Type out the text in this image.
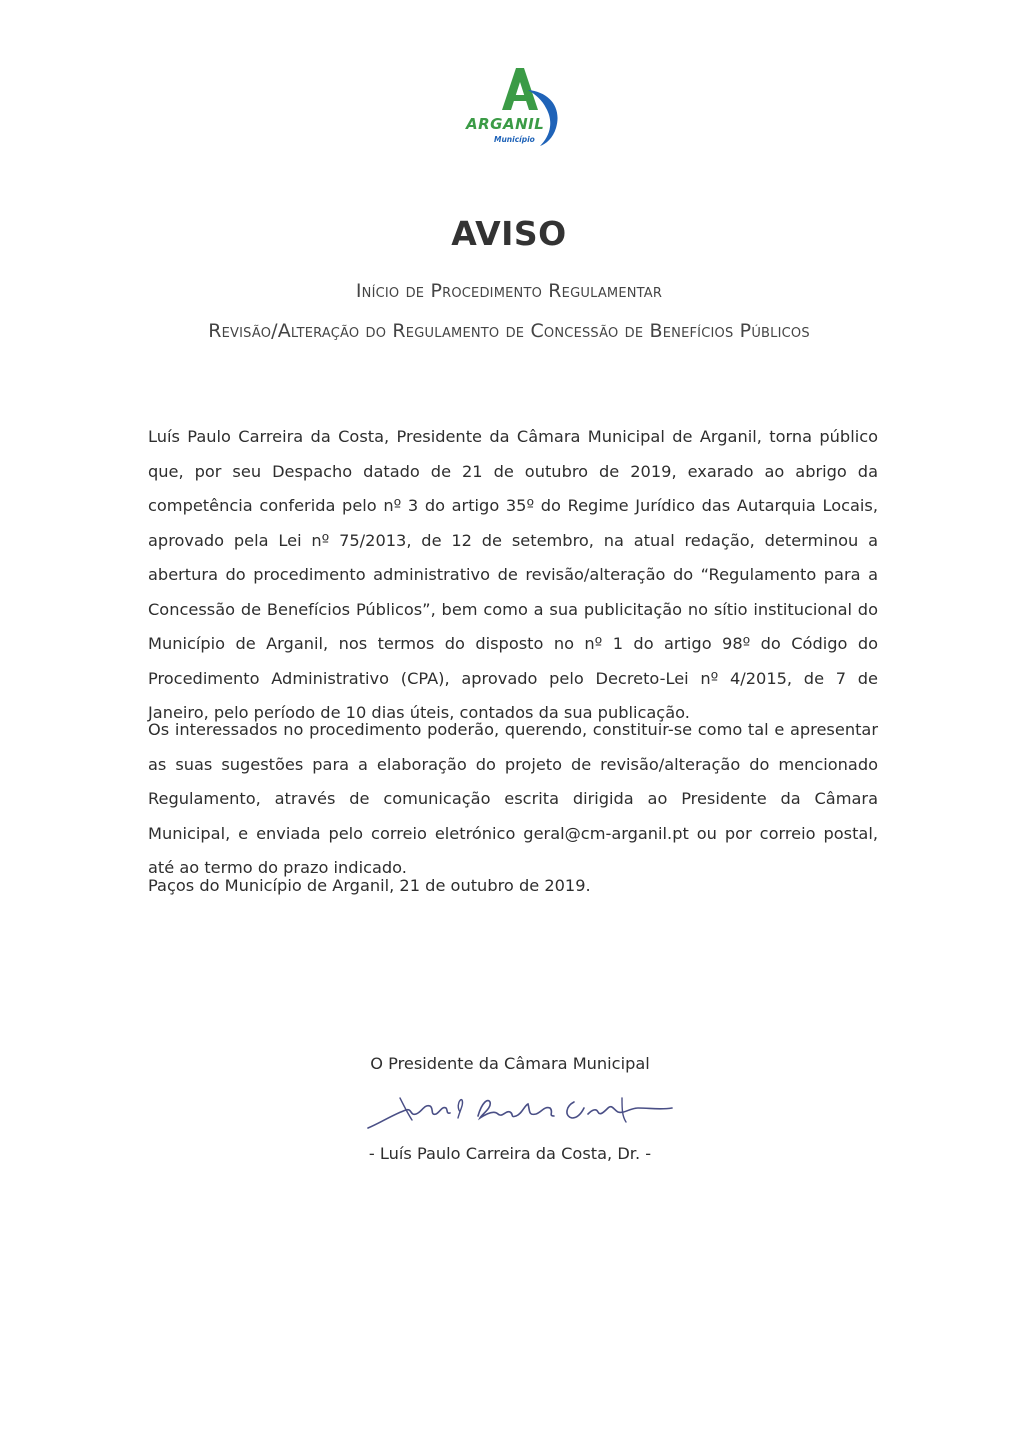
ARGANIL
Município
AVISO
Início de Procedimento Regulamentar
Revisão/Alteração do Regulamento de Concessão de Benefícios Públicos

Luís Paulo Carreira da Costa, Presidente da Câmara Municipal de Arganil, torna público que, por seu Despacho datado de 21 de outubro de 2019, exarado ao abrigo da competência conferida pelo nº 3 do artigo 35º do Regime Jurídico das Autarquia Locais, aprovado pela Lei nº 75/2013, de 12 de setembro, na atual redação, determinou a abertura do procedimento administrativo de revisão/alteração do “Regulamento para a Concessão de Benefícios Públicos”, bem como a sua publicitação no sítio institucional do Município de Arganil, nos termos do disposto no nº 1 do artigo 98º do Código do Procedimento Administrativo (CPA), aprovado pelo Decreto-Lei nº 4/2015, de 7 de Janeiro, pelo período de 10 dias úteis, contados da sua publicação.

Os interessados no procedimento poderão, querendo, constituir-se como tal e apresentar as suas sugestões para a elaboração do projeto de revisão/alteração do mencionado Regulamento, através de comunicação escrita dirigida ao Presidente da Câmara Municipal, e enviada pelo correio eletrónico geral@cm-arganil.pt ou por correio postal, até ao termo do prazo indicado.

Paços do Município de Arganil, 21 de outubro de 2019.

O Presidente da Câmara Municipal
- Luís Paulo Carreira da Costa, Dr. -
